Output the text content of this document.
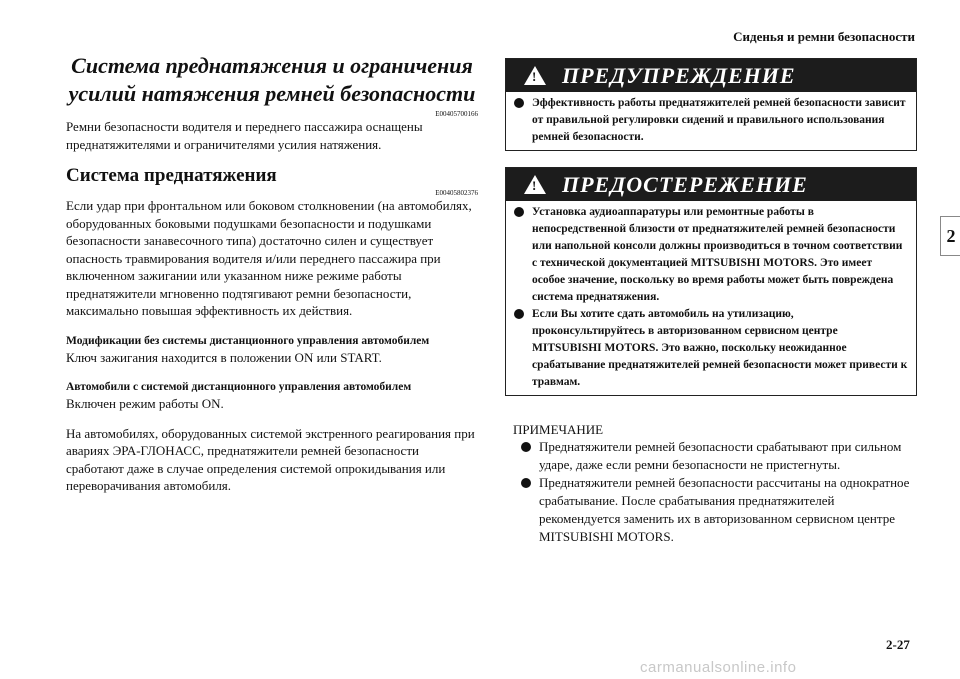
Сиденья и ремни безопасности
2
Система преднатяжения и ограничения усилий натяжения ремней безопасности
E00405700166

Ремни безопасности водителя и переднего пассажира оснащены преднатяжителями и ограничителями усилия натяжения.

Система преднатяжения
E00405802376

Если удар при фронтальном или боковом столкновении (на автомобилях, оборудованных боковыми подушками безопасности и подушками безопасности занавесочного типа) достаточно силен и существует опасность травмирования водителя и/или переднего пассажира при включенном зажигании или указанном ниже режиме работы преднатяжители мгновенно подтягивают ремни безопасности, максимально повышая эффективность их действия.

Модификации без системы дистанционного управления автомобилем

Ключ зажигания находится в положении ON или START.

Автомобили с системой дистанционного управления автомобилем

Включен режим работы ON.

На автомобилях, оборудованных системой экстренного реагирования при авариях ЭРА-ГЛОНАСС, преднатяжители ремней безопасности сработают даже в случае определения системой опрокидывания или переворачивания автомобиля.

! ПРЕДУПРЕЖДЕНИЕ
Эффективность работы преднатяжителей ремней безопасности зависит от правильной регулировки сидений и правильного использования ремней безопасности.
! ПРЕДОСТЕРЕЖЕНИЕ
Установка аудиоаппаратуры или ремонтные работы в непосредственной близости от преднатяжителей ремней безопасности или напольной консоли должны производиться в точном соответствии с технической документацией MITSUBISHI MOTORS. Это имеет особое значение, поскольку во время работы может быть повреждена система преднатяжения.
Если Вы хотите сдать автомобиль на утилизацию, проконсультируйтесь в авторизованном сервисном центре MITSUBISHI MOTORS. Это важно, поскольку неожиданное срабатывание преднатяжителей ремней безопасности может привести к травмам.
ПРИМЕЧАНИЕ
Преднатяжители ремней безопасности срабатывают при сильном ударе, даже если ремни безопасности не пристегнуты.
Преднатяжители ремней безопасности рассчитаны на однократное срабатывание. После срабатывания преднатяжителей рекомендуется заменить их в авторизованном сервисном центре MITSUBISHI MOTORS.
2-27
carmanualsonline.info
